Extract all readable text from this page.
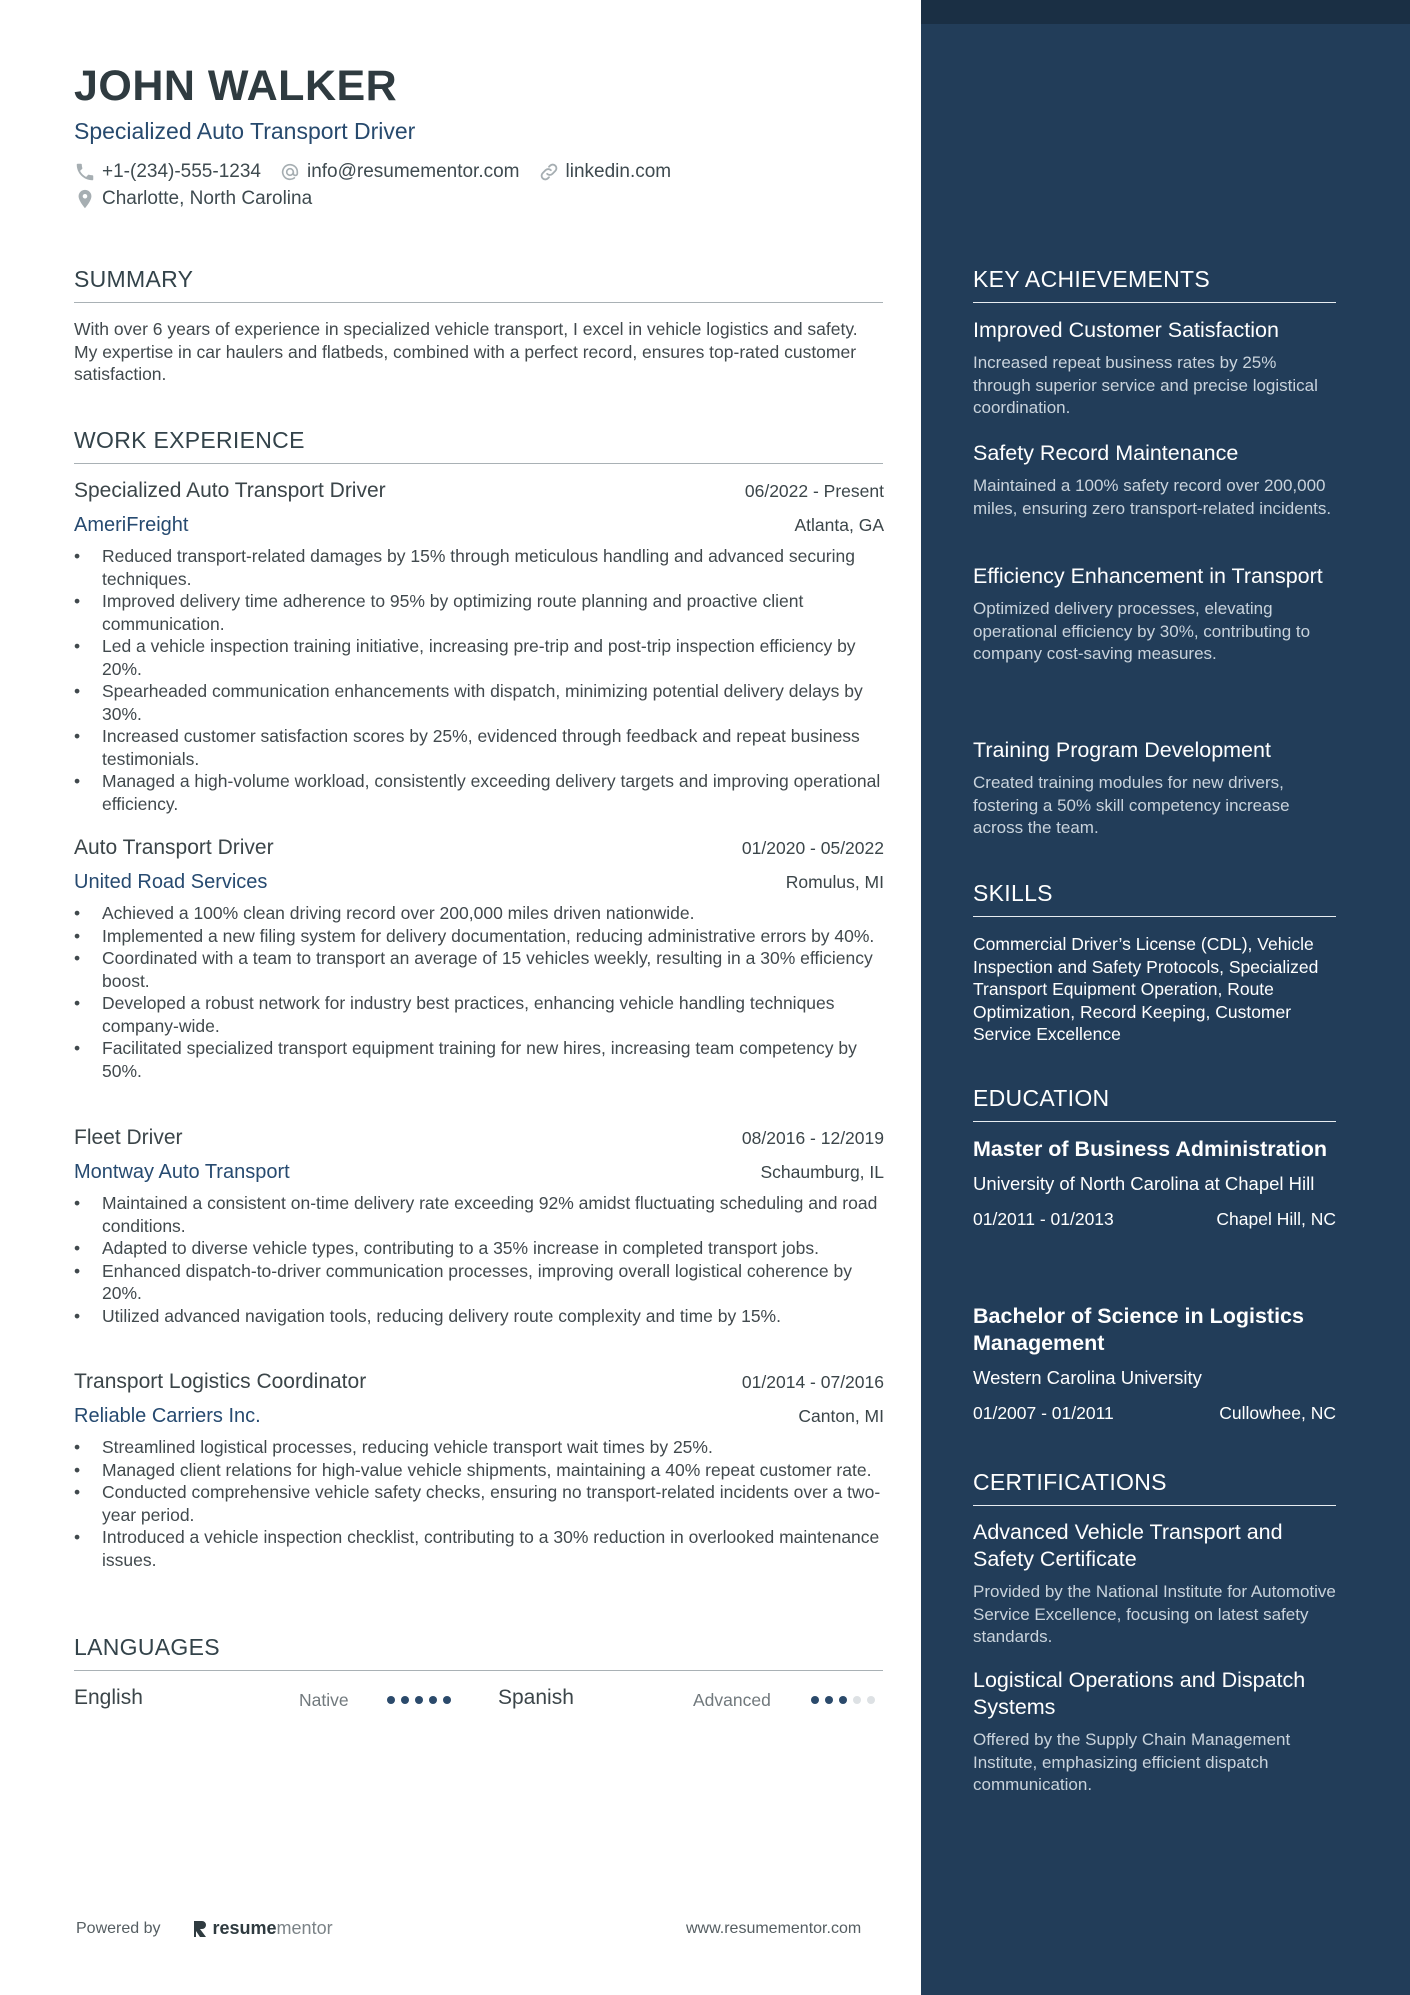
JOHN WALKER
Specialized Auto Transport Driver
+1-(234)-555-1234 info@resumementor.com linkedin.com
Charlotte, North Carolina
SUMMARY
With over 6 years of experience in specialized vehicle transport, I excel in vehicle logistics and safety. My expertise in car haulers and flatbeds, combined with a perfect record, ensures top-rated customer satisfaction.
WORK EXPERIENCE
Specialized Auto Transport Driver	06/2022 - Present
AmeriFreight	Atlanta, GA
• Reduced transport-related damages by 15% through meticulous handling and advanced securing techniques.
• Improved delivery time adherence to 95% by optimizing route planning and proactive client communication.
• Led a vehicle inspection training initiative, increasing pre-trip and post-trip inspection efficiency by 20%.
• Spearheaded communication enhancements with dispatch, minimizing potential delivery delays by 30%.
• Increased customer satisfaction scores by 25%, evidenced through feedback and repeat business testimonials.
• Managed a high-volume workload, consistently exceeding delivery targets and improving operational efficiency.
Auto Transport Driver	01/2020 - 05/2022
United Road Services	Romulus, MI
• Achieved a 100% clean driving record over 200,000 miles driven nationwide.
• Implemented a new filing system for delivery documentation, reducing administrative errors by 40%.
• Coordinated with a team to transport an average of 15 vehicles weekly, resulting in a 30% efficiency boost.
• Developed a robust network for industry best practices, enhancing vehicle handling techniques company-wide.
• Facilitated specialized transport equipment training for new hires, increasing team competency by 50%.
Fleet Driver	08/2016 - 12/2019
Montway Auto Transport	Schaumburg, IL
• Maintained a consistent on-time delivery rate exceeding 92% amidst fluctuating scheduling and road conditions.
• Adapted to diverse vehicle types, contributing to a 35% increase in completed transport jobs.
• Enhanced dispatch-to-driver communication processes, improving overall logistical coherence by 20%.
• Utilized advanced navigation tools, reducing delivery route complexity and time by 15%.
Transport Logistics Coordinator	01/2014 - 07/2016
Reliable Carriers Inc.	Canton, MI
• Streamlined logistical processes, reducing vehicle transport wait times by 25%.
• Managed client relations for high-value vehicle shipments, maintaining a 40% repeat customer rate.
• Conducted comprehensive vehicle safety checks, ensuring no transport-related incidents over a two-year period.
• Introduced a vehicle inspection checklist, contributing to a 30% reduction in overlooked maintenance issues.
LANGUAGES
English	Native	Spanish	Advanced
Powered by	resume mentor	www.resumementor.com
KEY ACHIEVEMENTS
Improved Customer Satisfaction
Increased repeat business rates by 25% through superior service and precise logistical coordination.
Safety Record Maintenance
Maintained a 100% safety record over 200,000 miles, ensuring zero transport-related incidents.
Efficiency Enhancement in Transport
Optimized delivery processes, elevating operational efficiency by 30%, contributing to company cost-saving measures.
Training Program Development
Created training modules for new drivers, fostering a 50% skill competency increase across the team.
SKILLS
Commercial Driver’s License (CDL), Vehicle Inspection and Safety Protocols, Specialized Transport Equipment Operation, Route Optimization, Record Keeping, Customer Service Excellence
EDUCATION
Master of Business Administration
University of North Carolina at Chapel Hill
01/2011 - 01/2013	Chapel Hill, NC
Bachelor of Science in Logistics Management
Western Carolina University
01/2007 - 01/2011	Cullowhee, NC
CERTIFICATIONS
Advanced Vehicle Transport and Safety Certificate
Provided by the National Institute for Automotive Service Excellence, focusing on latest safety standards.
Logistical Operations and Dispatch Systems
Offered by the Supply Chain Management Institute, emphasizing efficient dispatch communication.
